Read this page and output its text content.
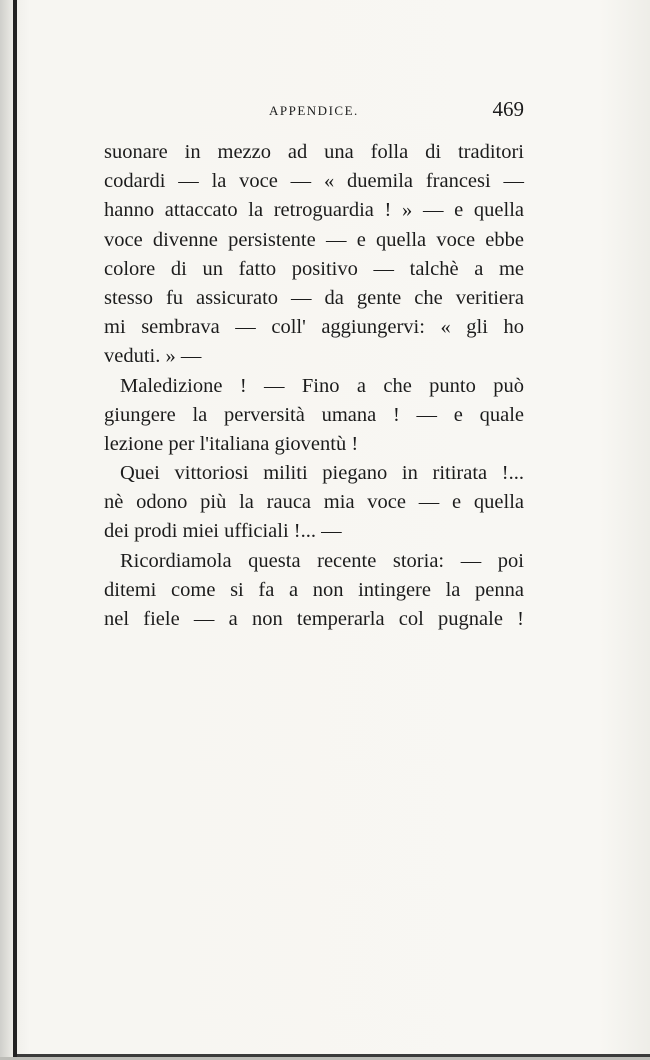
APPENDICE.	469
suonare in mezzo ad una folla di traditori
codardi — la voce — « duemila francesi —
hanno attaccato la retroguardia ! » — e quella
voce divenne persistente — e quella voce ebbe
colore di un fatto positivo — talchè a me
stesso fu assicurato — da gente che veritiera
mi sembrava — coll' aggiungervi: « gli ho
veduti. » —
Maledizione ! — Fino a che punto può
giungere la perversità umana ! — e quale
lezione per l'italiana gioventù !
Quei vittoriosi militi piegano in ritirata !...
nè odono più la rauca mia voce — e quella
dei prodi miei ufficiali !... —
Ricordiamola questa recente storia: — poi
ditemi come si fa a non intingere la penna
nel fiele — a non temperarla col pugnale !
